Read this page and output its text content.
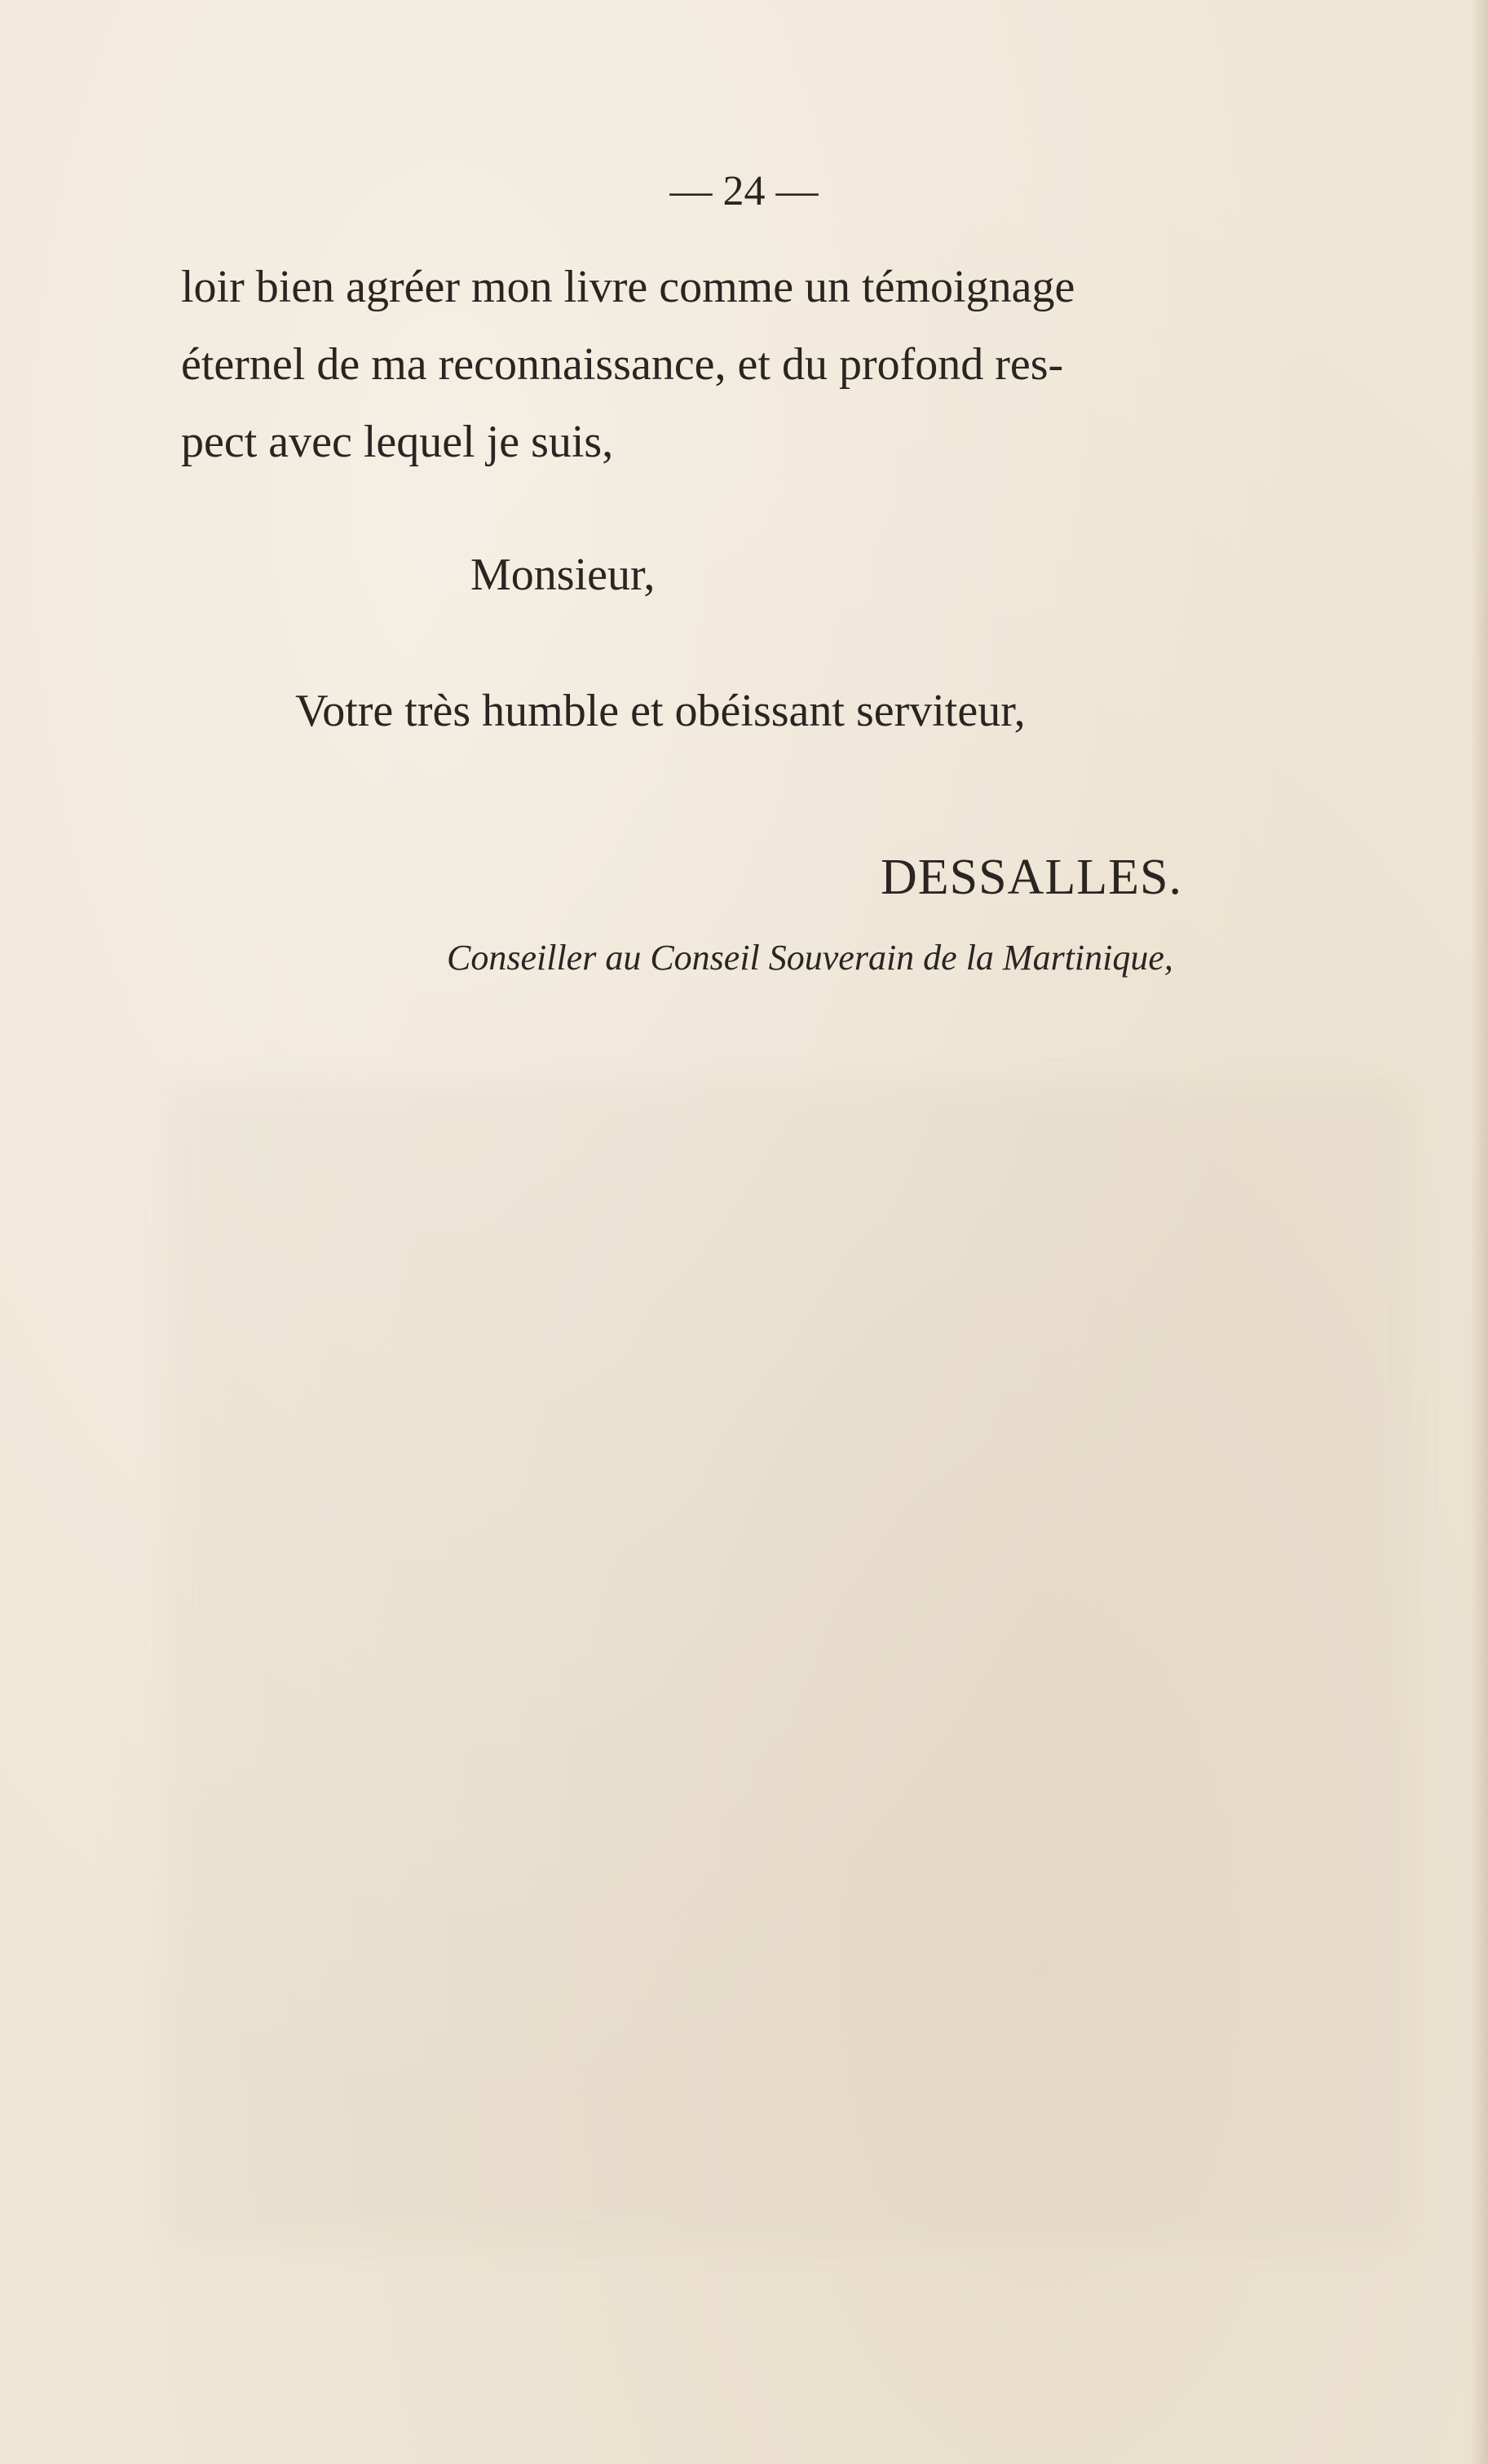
— 24 —
loir bien agréer mon livre comme un témoignage
éternel de ma reconnaissance, et du profond res-
pect avec lequel je suis,
Monsieur,
Votre très humble et obéissant serviteur,
DESSALLES.
Conseiller au Conseil Souverain de la Martinique,
